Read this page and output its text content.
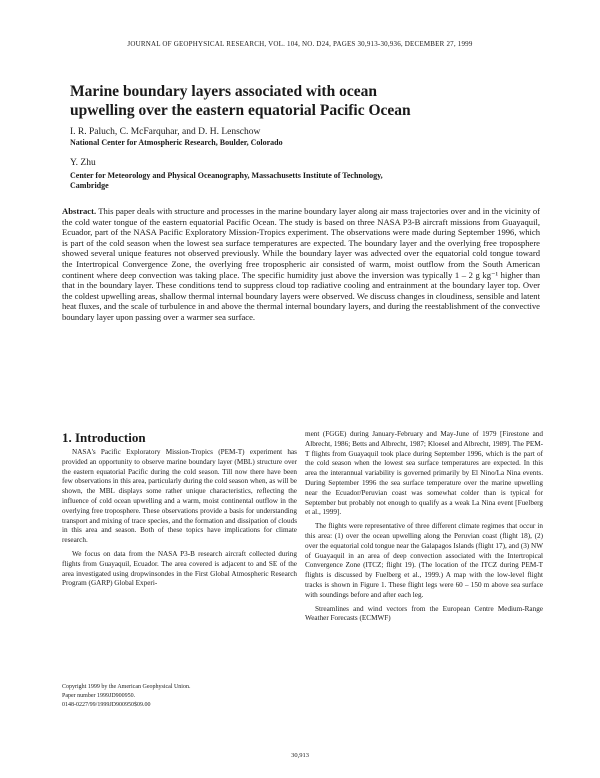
JOURNAL OF GEOPHYSICAL RESEARCH, VOL. 104, NO. D24, PAGES 30,913-30,936, DECEMBER 27, 1999
Marine boundary layers associated with ocean
upwelling over the eastern equatorial Pacific Ocean
I. R. Paluch, C. McFarquhar, and D. H. Lenschow
National Center for Atmospheric Research, Boulder, Colorado
Y. Zhu
Center for Meteorology and Physical Oceanography, Massachusetts Institute of Technology,
Cambridge
Abstract. This paper deals with structure and processes in the marine boundary layer along air mass trajectories over and in the vicinity of the cold water tongue of the eastern equatorial Pacific Ocean. The study is based on three NASA P3-B aircraft missions from Guayaquil, Ecuador, part of the NASA Pacific Exploratory Mission-Tropics experiment. The observations were made during September 1996, which is part of the cold season when the lowest sea surface temperatures are expected. The boundary layer and the overlying free troposphere showed several unique features not observed previously. While the boundary layer was advected over the equatorial cold tongue toward the Intertropical Convergence Zone, the overlying free tropospheric air consisted of warm, moist outflow from the South American continent where deep convection was taking place. The specific humidity just above the inversion was typically 1 – 2 g kg⁻¹ higher than that in the boundary layer. These conditions tend to suppress cloud top radiative cooling and entrainment at the boundary layer top. Over the coldest upwelling areas, shallow thermal internal boundary layers were observed. We discuss changes in cloudiness, sensible and latent heat fluxes, and the scale of turbulence in and above the thermal internal boundary layers, and during the reestablishment of the convective boundary layer upon passing over a warmer sea surface.
1. Introduction

NASA's Pacific Exploratory Mission-Tropics (PEM-T) experiment has provided an opportunity to observe marine boundary layer (MBL) structure over the eastern equatorial Pacific during the cold season. Till now there have been few observations in this area, particularly during the cold season when, as will be shown, the MBL displays some rather unique characteristics, reflecting the influence of cold ocean upwelling and a warm, moist continental outflow in the overlying free troposphere. These observations provide a basis for understanding transport and mixing of trace species, and the formation and dissipation of clouds in this area and season. Both of these topics have implications for climate research.

We focus on data from the NASA P3-B research aircraft collected during flights from Guayaquil, Ecuador. The area covered is adjacent to and SE of the area investigated using dropwinsondes in the First Global Atmospheric Research Program (GARP) Global Experi-

ment (FGGE) during January-February and May-June of 1979 [Firestone and Albrecht, 1986; Betts and Albrecht, 1987; Kloesel and Albrecht, 1989]. The PEM-T flights from Guayaquil took place during September 1996, which is the part of the cold season when the lowest sea surface temperatures are expected. In this area the interannual variability is governed primarily by El Nino/La Nina events. During September 1996 the sea surface temperature over the marine upwelling near the Ecuador/Peruvian coast was somewhat colder than is typical for September but probably not enough to qualify as a weak La Nina event [Fuelberg et al., 1999].

The flights were representative of three different climate regimes that occur in this area: (1) over the ocean upwelling along the Peruvian coast (flight 18), (2) over the equatorial cold tongue near the Galapagos Islands (flight 17), and (3) NW of Guayaquil in an area of deep convection associated with the Intertropical Convergence Zone (ITCZ; flight 19). (The location of the ITCZ during PEM-T flights is discussed by Fuelberg et al., 1999.) A map with the low-level flight tracks is shown in Figure 1. These flight legs were 60 – 150 m above sea surface with soundings before and after each leg.

Streamlines and wind vectors from the European Centre Medium-Range Weather Forecasts (ECMWF)

Copyright 1999 by the American Geophysical Union.
Paper number 1999JD900950.
0148-0227/99/1999JD900950$09.00
30,913
